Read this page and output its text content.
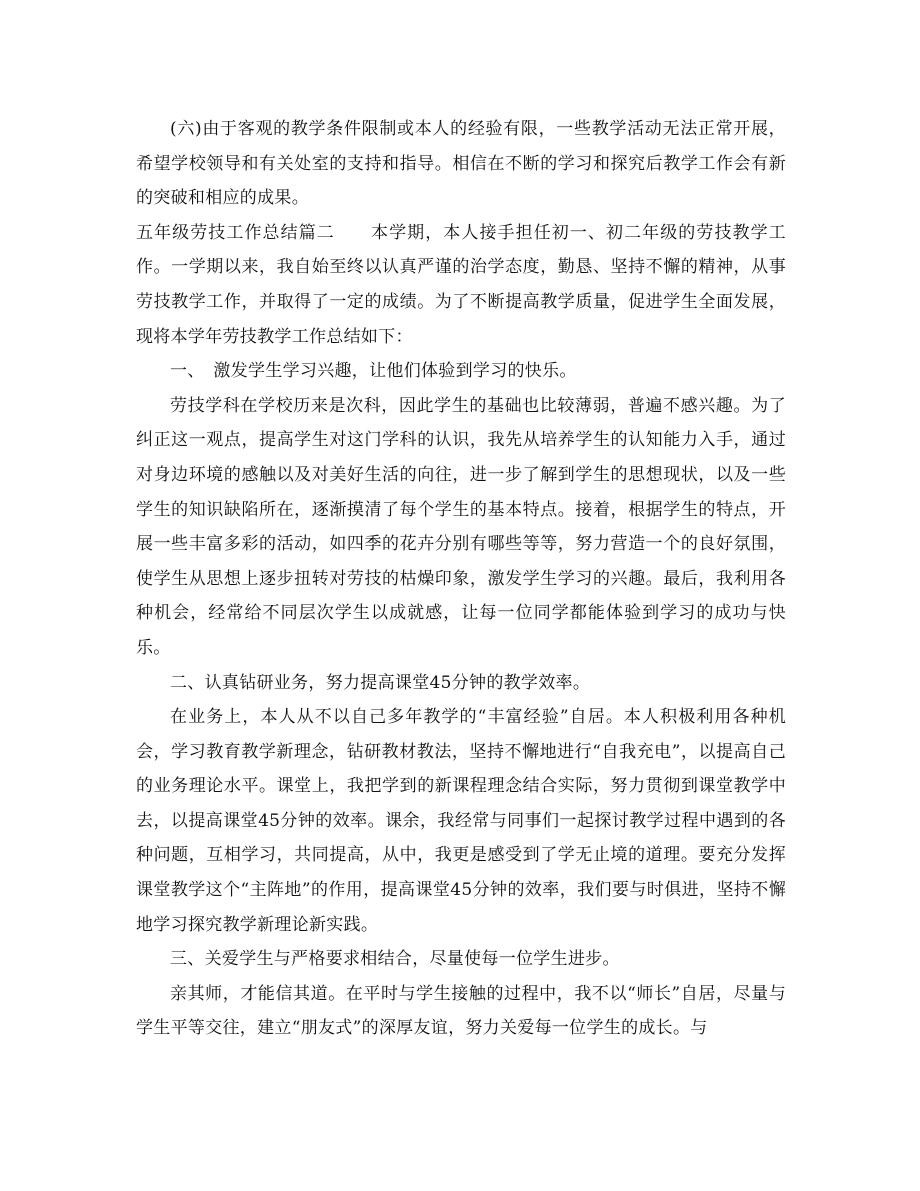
(六)由于客观的教学条件限制或本人的经验有限，一些教学活动无法正常开展，希望学校领导和有关处室的支持和指导。相信在不断的学习和探究后教学工作会有新的突破和相应的成果。

五年级劳技工作总结篇二　　本学期，本人接手担任初一、初二年级的劳技教学工作。一学期以来，我自始至终以认真严谨的治学态度，勤恳、坚持不懈的精神，从事劳技教学工作，并取得了一定的成绩。为了不断提高教学质量，促进学生全面发展，现将本学年劳技教学工作总结如下：

一、　激发学生学习兴趣，让他们体验到学习的快乐。

劳技学科在学校历来是次科，因此学生的基础也比较薄弱，普遍不感兴趣。为了纠正这一观点，提高学生对这门学科的认识，我先从培养学生的认知能力入手，通过对身边环境的感触以及对美好生活的向往，进一步了解到学生的思想现状，以及一些学生的知识缺陷所在，逐渐摸清了每个学生的基本特点。接着，根据学生的特点，开展一些丰富多彩的活动，如四季的花卉分别有哪些等等，努力营造一个的良好氛围，使学生从思想上逐步扭转对劳技的枯燥印象，激发学生学习的兴趣。最后，我利用各种机会，经常给不同层次学生以成就感，让每一位同学都能体验到学习的成功与快乐。

二、认真钻研业务，努力提高课堂45分钟的教学效率。

在业务上，本人从不以自己多年教学的“丰富经验”自居。本人积极利用各种机会，学习教育教学新理念，钻研教材教法，坚持不懈地进行“自我充电”，以提高自己的业务理论水平。课堂上，我把学到的新课程理念结合实际，努力贯彻到课堂教学中去，以提高课堂45分钟的效率。课余，我经常与同事们一起探讨教学过程中遇到的各种问题，互相学习，共同提高，从中，我更是感受到了学无止境的道理。要充分发挥课堂教学这个“主阵地”的作用，提高课堂45分钟的效率，我们要与时俱进，坚持不懈地学习探究教学新理论新实践。

三、关爱学生与严格要求相结合，尽量使每一位学生进步。

亲其师，才能信其道。在平时与学生接触的过程中，我不以“师长”自居，尽量与学生平等交往，建立“朋友式”的深厚友谊，努力关爱每一位学生的成长。与
